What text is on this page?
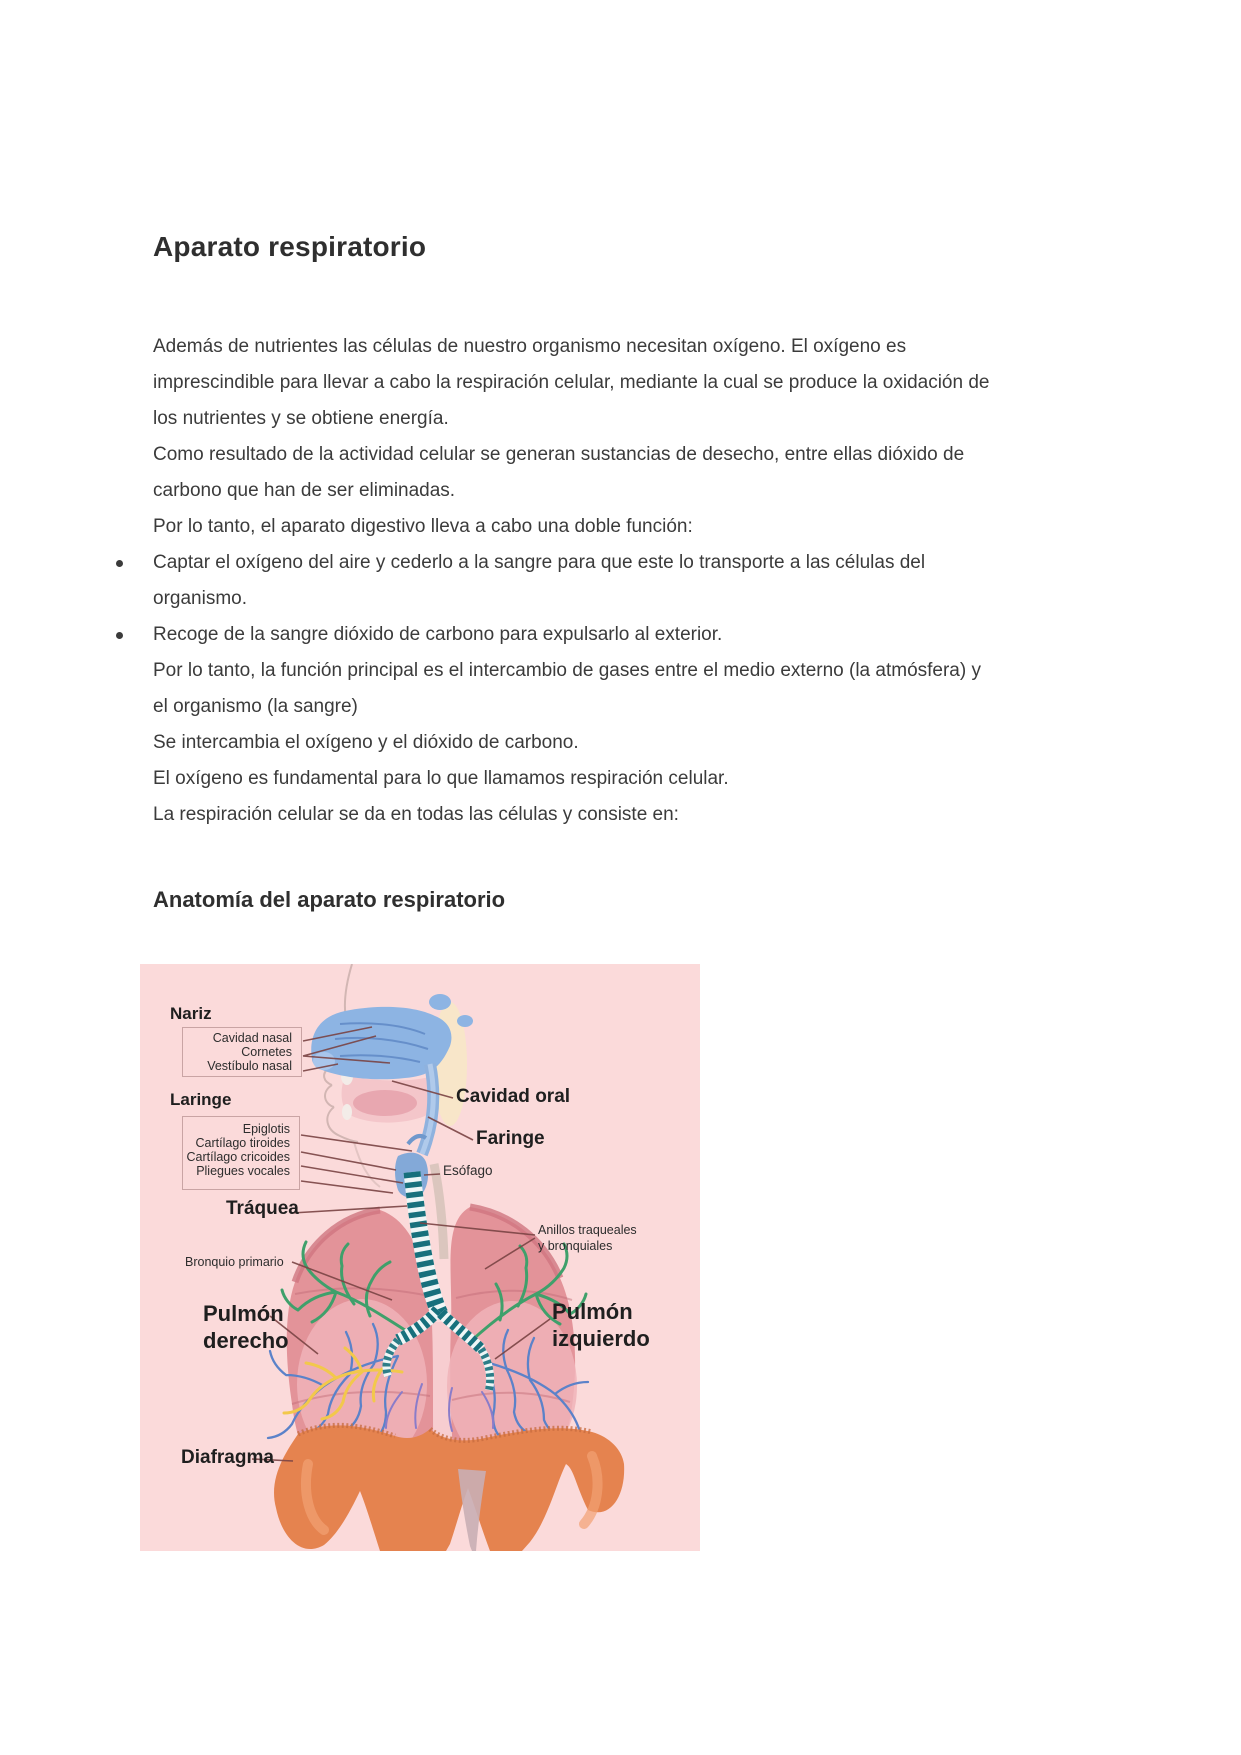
Aparato respiratorio

Además de nutrientes las células de nuestro organismo necesitan oxígeno. El oxígeno es imprescindible para llevar a cabo la respiración celular, mediante la cual se produce la oxidación de los nutrientes y se obtiene energía.

Como resultado de la actividad celular se generan sustancias de desecho, entre ellas dióxido de carbono que han de ser eliminadas.

Por lo tanto, el aparato digestivo lleva a cabo una doble función:

Captar el oxígeno del aire y cederlo a la sangre para que este lo transporte a las células del organismo.

Recoge de la sangre dióxido de carbono para expulsarlo al exterior.

Por lo tanto, la función principal es el intercambio de gases entre el medio externo (la atmósfera) y el organismo (la sangre)

Se intercambia el oxígeno y el dióxido de carbono.

El oxígeno es fundamental para lo que llamamos respiración celular.

La respiración celular se da en todas las células y consiste en:

Anatomía del aparato respiratorio
Nariz
Cavidad nasal
Cornetes
Vestíbulo nasal
Laringe
Epiglotis
Cartílago tiroides
Cartílago cricoides
Pliegues vocales
Cavidad oral
Faringe
Esófago
Tráquea
Anillos traqueales
y bronquiales
Bronquio primario
Pulmón
derecho
Pulmón
izquierdo
Diafragma
